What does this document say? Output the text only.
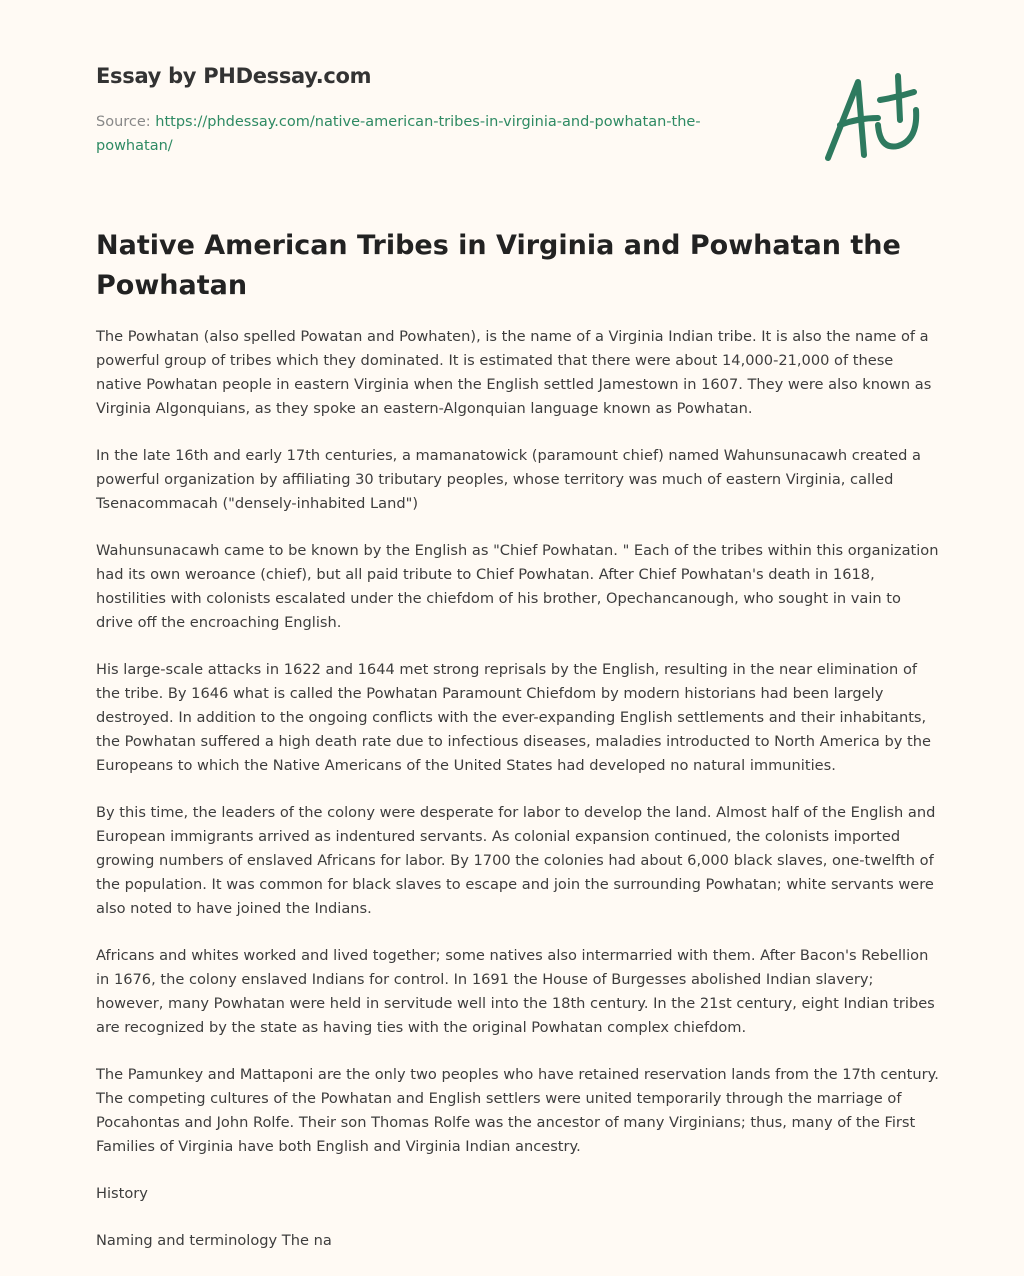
Essay by PHDessay.com
Source: https://phdessay.com/native-american-tribes-in-virginia-and-powhatan-the-powhatan/
Native American Tribes in Virginia and Powhatan the Powhatan

The Powhatan (also spelled Powatan and Powhaten), is the name of a Virginia Indian tribe. It is also the name of a powerful group of tribes which they dominated. It is estimated that there were about 14,000-21,000 of these native Powhatan people in eastern Virginia when the English settled Jamestown in 1607. They were also known as Virginia Algonquians, as they spoke an eastern-Algonquian language known as Powhatan.

In the late 16th and early 17th centuries, a mamanatowick (paramount chief) named Wahunsunacawh created a powerful organization by affiliating 30 tributary peoples, whose territory was much of eastern Virginia, called Tsenacommacah ("densely-inhabited Land")

Wahunsunacawh came to be known by the English as "Chief Powhatan. " Each of the tribes within this organization had its own weroance (chief), but all paid tribute to Chief Powhatan. After Chief Powhatan's death in 1618, hostilities with colonists escalated under the chiefdom of his brother, Opechancanough, who sought in vain to drive off the encroaching English.

His large-scale attacks in 1622 and 1644 met strong reprisals by the English, resulting in the near elimination of the tribe. By 1646 what is called the Powhatan Paramount Chiefdom by modern historians had been largely destroyed. In addition to the ongoing conflicts with the ever-expanding English settlements and their inhabitants, the Powhatan suffered a high death rate due to infectious diseases, maladies introducted to North America by the Europeans to which the Native Americans of the United States had developed no natural immunities.

By this time, the leaders of the colony were desperate for labor to develop the land. Almost half of the English and European immigrants arrived as indentured servants. As colonial expansion continued, the colonists imported growing numbers of enslaved Africans for labor. By 1700 the colonies had about 6,000 black slaves, one-twelfth of the population. It was common for black slaves to escape and join the surrounding Powhatan; white servants were also noted to have joined the Indians.

Africans and whites worked and lived together; some natives also intermarried with them. After Bacon's Rebellion in 1676, the colony enslaved Indians for control. In 1691 the House of Burgesses abolished Indian slavery; however, many Powhatan were held in servitude well into the 18th century. In the 21st century, eight Indian tribes are recognized by the state as having ties with the original Powhatan complex chiefdom.

The Pamunkey and Mattaponi are the only two peoples who have retained reservation lands from the 17th century. The competing cultures of the Powhatan and English settlers were united temporarily through the marriage of Pocahontas and John Rolfe. Their son Thomas Rolfe was the ancestor of many Virginians; thus, many of the First Families of Virginia have both English and Virginia Indian ancestry.

History

Naming and terminology The na
